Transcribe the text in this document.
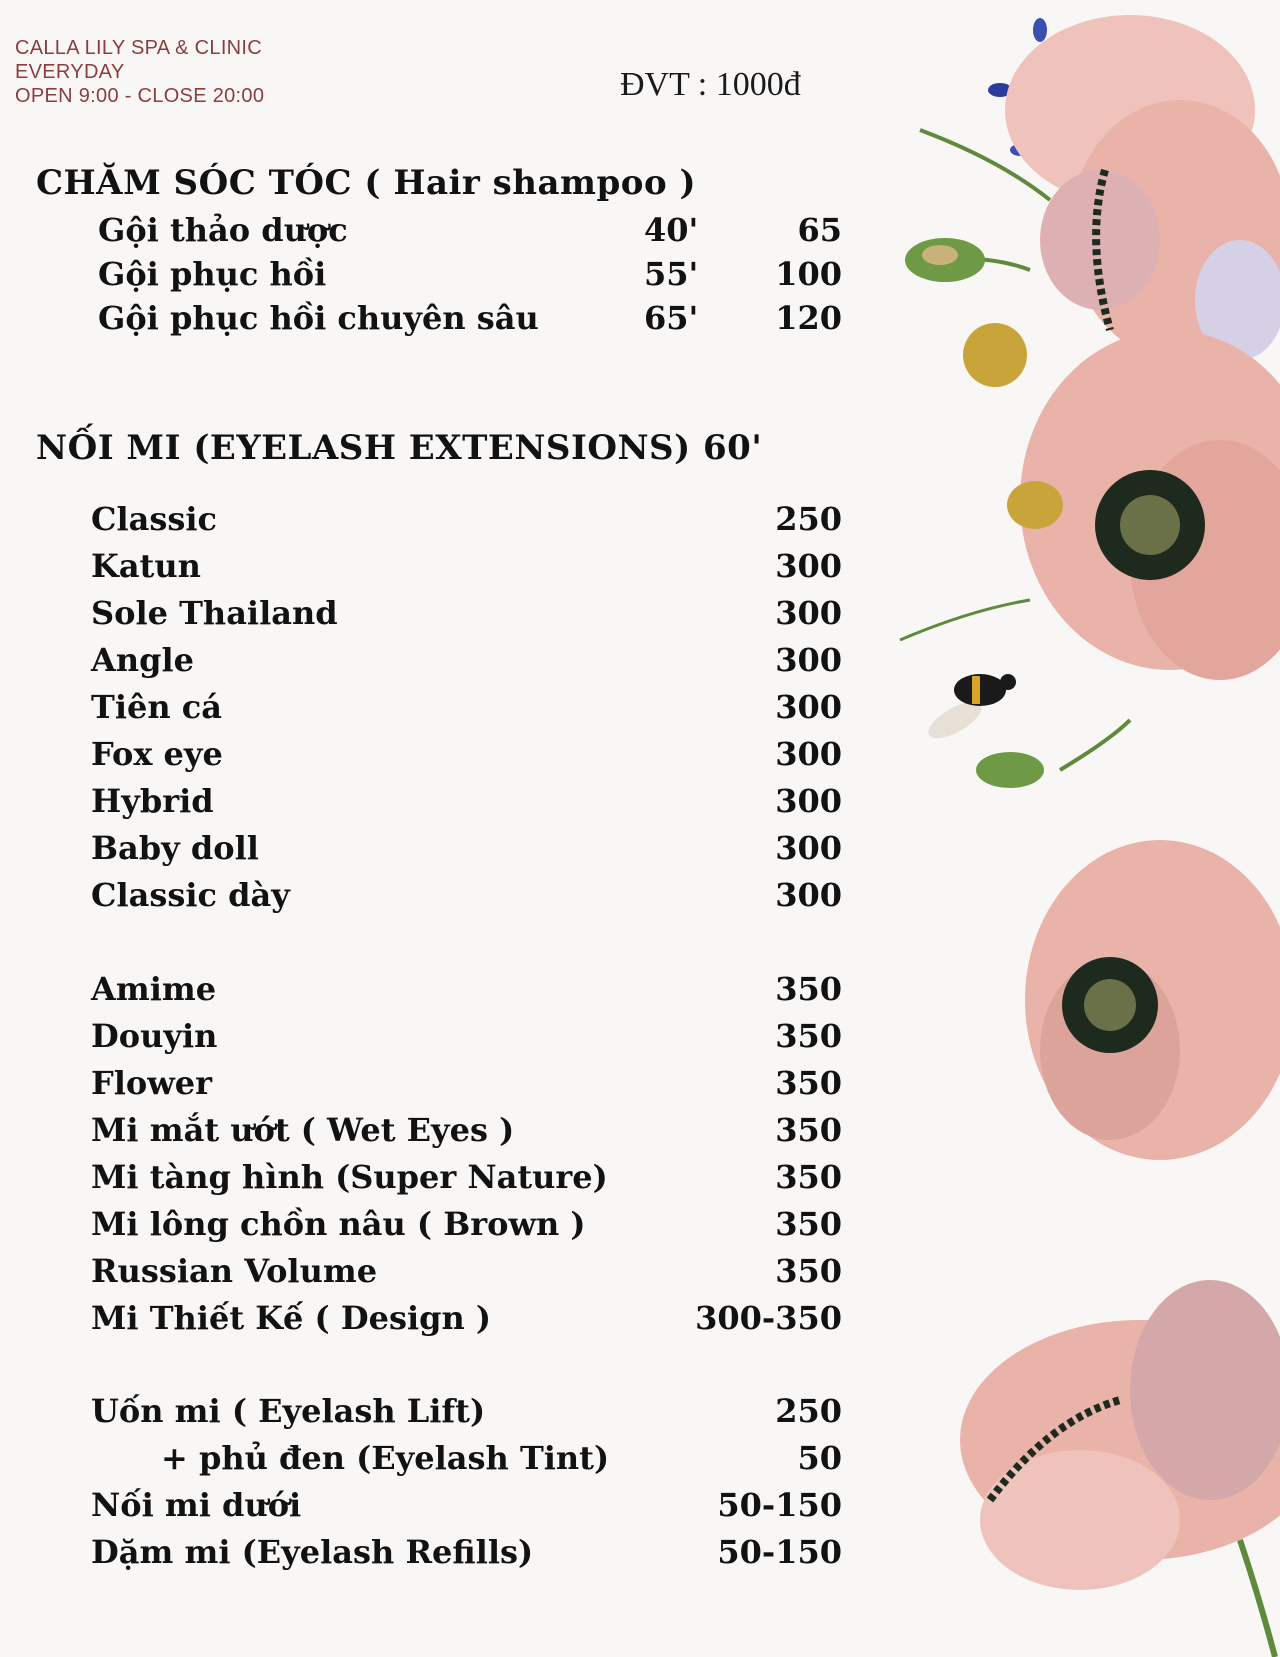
CALLA LILY SPA & CLINIC
EVERYDAY
OPEN 9:00 - CLOSE 20:00	ĐVT : 1000đ
CHĂM SÓC TÓC ( Hair shampoo )
Gội thảo dược	40'	65
Gội phục hồi	55' 100
Gội phục hồi chuyên sâu	65' 120
NỐI MI (EYELASH EXTENSIONS) 60'
Classic	250
Katun	300
Sole Thailand	300
Angle	300
Tiên cá	300
Fox eye	300
Hybrid	300
Baby doll	300
Classic dày	300
Amime	350
Douyin	350
Flower	350
Mi mắt ướt ( Wet Eyes )	350
Mi tàng hình (Super Nature)	350
Mi lông chồn nâu ( Brown )	350
Russian Volume	350
Mi Thiết Kế ( Design )	300-350
Uốn mi ( Eyelash Lift)	250
+ phủ đen (Eyelash Tint)	50
Nối mi dưới	50-150
Dặm mi (Eyelash Refills)	50-150
